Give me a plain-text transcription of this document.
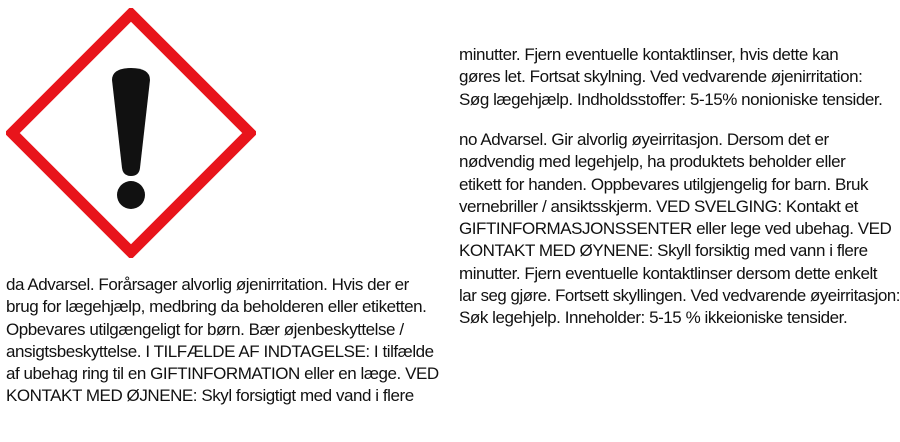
minutter. Fjern eventuelle kontaktlinser, hvis dette kan
gøres let. Fortsat skylning. Ved vedvarende øjenirritation:
Søg lægehjælp. Indholdsstoffer: 5-15% nonioniske tensider.
no Advarsel. Gir alvorlig øyeirritasjon. Dersom det er
nødvendig med legehjelp, ha produktets beholder eller
etikett for handen. Oppbevares utilgjengelig for barn. Bruk
vernebriller / ansiktsskjerm. VED SVELGING: Kontakt et
GIFTINFORMASJONSSENTER eller lege ved ubehag. VED
KONTAKT MED ØYNENE: Skyll forsiktig med vann i flere
minutter. Fjern eventuelle kontaktlinser dersom dette enkelt
lar seg gjøre. Fortsett skyllingen. Ved vedvarende øyeirritasjon:
Søk legehjelp. Inneholder: 5-15 % ikkeioniske tensider.
da Advarsel. Forårsager alvorlig øjenirritation. Hvis der er
brug for lægehjælp, medbring da beholderen eller etiketten.
Opbevares utilgængeligt for børn. Bær øjenbeskyttelse /
ansigtsbeskyttelse. I TILFÆLDE AF INDTAGELSE: I tilfælde
af ubehag ring til en GIFTINFORMATION eller en læge. VED
KONTAKT MED ØJNENE: Skyl forsigtigt med vand i flere
